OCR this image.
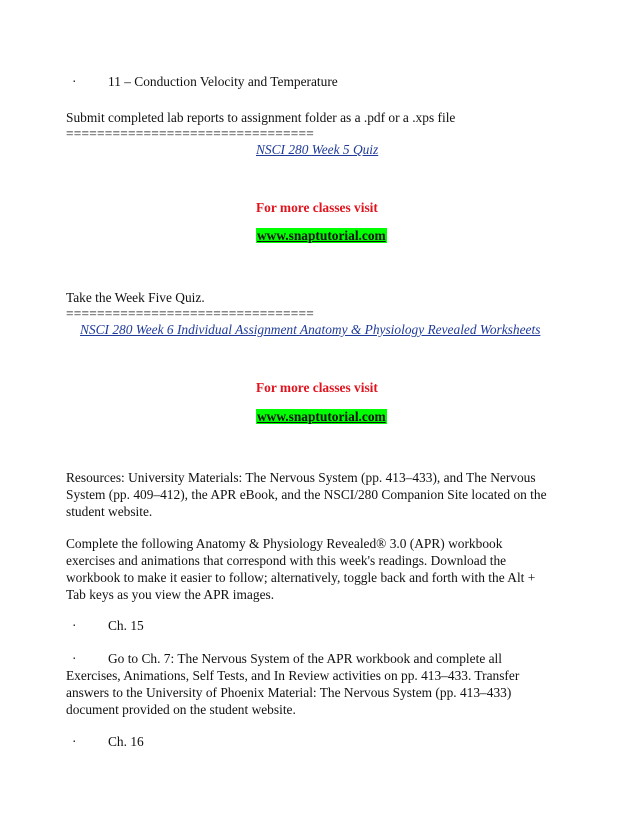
· 11 – Conduction Velocity and Temperature
Submit completed lab reports to assignment folder as a .pdf or a .xps file
================================
NSCI 280 Week 5 Quiz
For more classes visit
www.snaptutorial.com
Take the Week Five Quiz.
================================
NSCI 280 Week 6 Individual Assignment Anatomy & Physiology Revealed Worksheets
For more classes visit
www.snaptutorial.com
Resources: University Materials: The Nervous System (pp. 413–433), and The Nervous
System (pp. 409–412), the APR eBook, and the NSCI/280 Companion Site located on the
student website.
Complete the following Anatomy & Physiology Revealed® 3.0 (APR) workbook
exercises and animations that correspond with this week's readings. Download the
workbook to make it easier to follow; alternatively, toggle back and forth with the Alt +
Tab keys as you view the APR images.
· Ch. 15
· Go to Ch. 7: The Nervous System of the APR workbook and complete all
Exercises, Animations, Self Tests, and In Review activities on pp. 413–433. Transfer
answers to the University of Phoenix Material: The Nervous System (pp. 413–433)
document provided on the student website.
· Ch. 16
